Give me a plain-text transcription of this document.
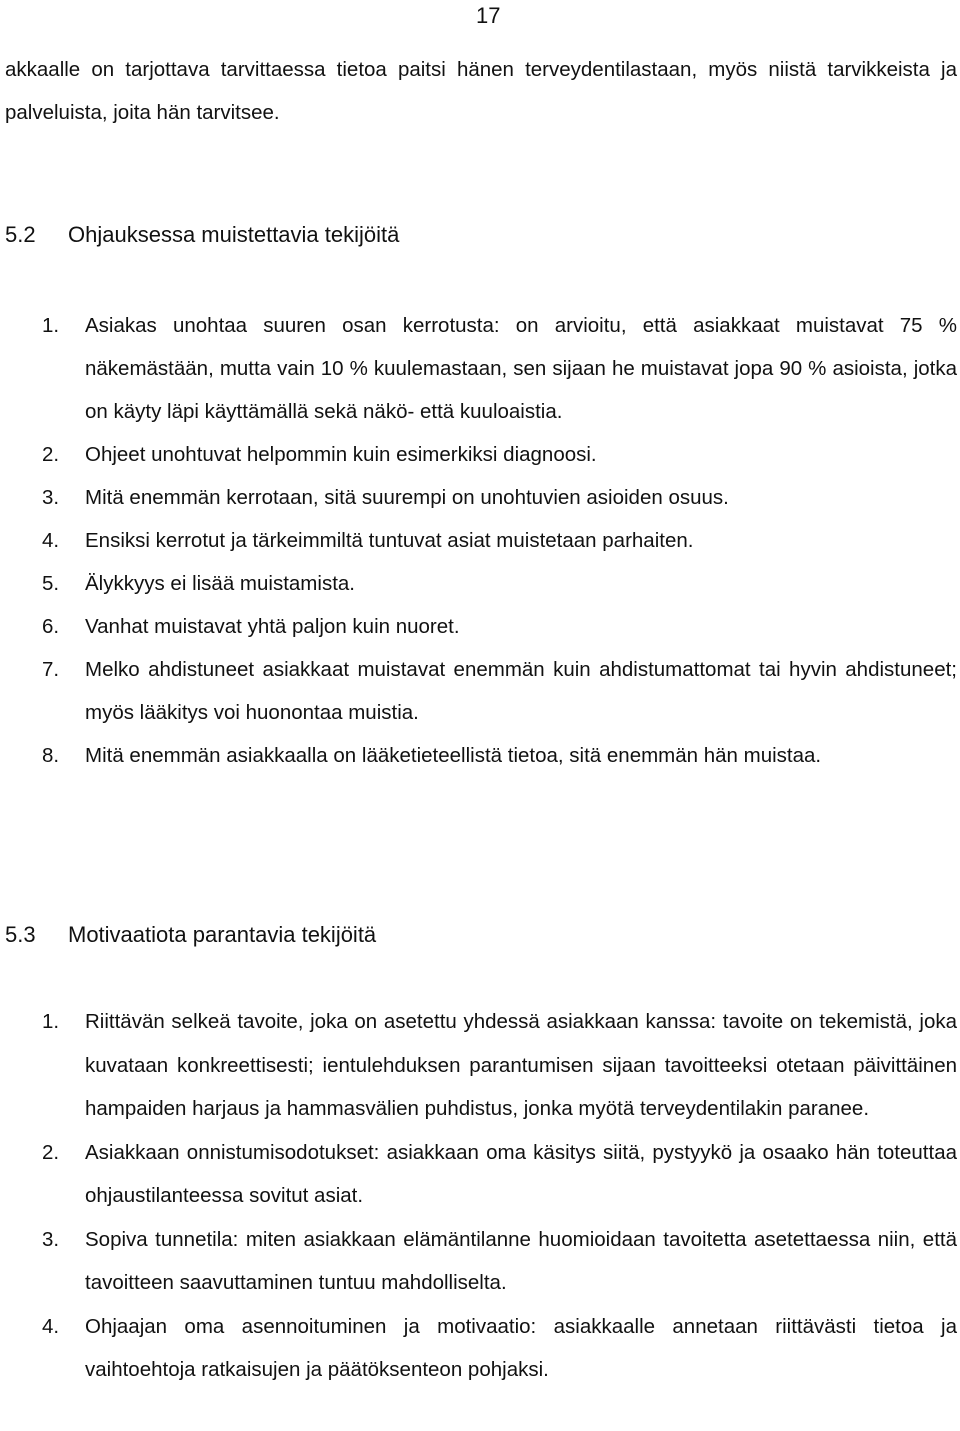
17
akkaalle on tarjottava tarvittaessa tietoa paitsi hänen terveydentilastaan, myös niistä tarvikkeista ja palveluista, joita hän tarvitsee.
5.2 Ohjauksessa muistettavia tekijöitä
1. Asiakas unohtaa suuren osan kerrotusta: on arvioitu, että asiakkaat muistavat 75 % näkemästään, mutta vain 10 % kuulemastaan, sen sijaan he muistavat jopa 90 % asioista, jotka on käyty läpi käyttämällä sekä näkö- että kuuloaistia.
2. Ohjeet unohtuvat helpommin kuin esimerkiksi diagnoosi.
3. Mitä enemmän kerrotaan, sitä suurempi on unohtuvien asioiden osuus.
4. Ensiksi kerrotut ja tärkeimmiltä tuntuvat asiat muistetaan parhaiten.
5. Älykkyys ei lisää muistamista.
6. Vanhat muistavat yhtä paljon kuin nuoret.
7. Melko ahdistuneet asiakkaat muistavat enemmän kuin ahdistumattomat tai hyvin ahdistuneet; myös lääkitys voi huonontaa muistia.
8. Mitä enemmän asiakkaalla on lääketieteellistä tietoa, sitä enemmän hän muistaa.
5.3 Motivaatiota parantavia tekijöitä
1. Riittävän selkeä tavoite, joka on asetettu yhdessä asiakkaan kanssa: tavoite on tekemistä, joka kuvataan konkreettisesti; ientulehduksen parantumisen sijaan tavoitteeksi otetaan päivittäinen hampaiden harjaus ja hammasvälien puhdistus, jonka myötä terveydentilakin paranee.
2. Asiakkaan onnistumisodotukset: asiakkaan oma käsitys siitä, pystyykö ja osaako hän toteuttaa ohjaustilanteessa sovitut asiat.
3. Sopiva tunnetila: miten asiakkaan elämäntilanne huomioidaan tavoitetta asetettaessa niin, että tavoitteen saavuttaminen tuntuu mahdolliselta.
4. Ohjaajan oma asennoituminen ja motivaatio: asiakkaalle annetaan riittävästi tietoa ja vaihtoehtoja ratkaisujen ja päätöksenteon pohjaksi.
